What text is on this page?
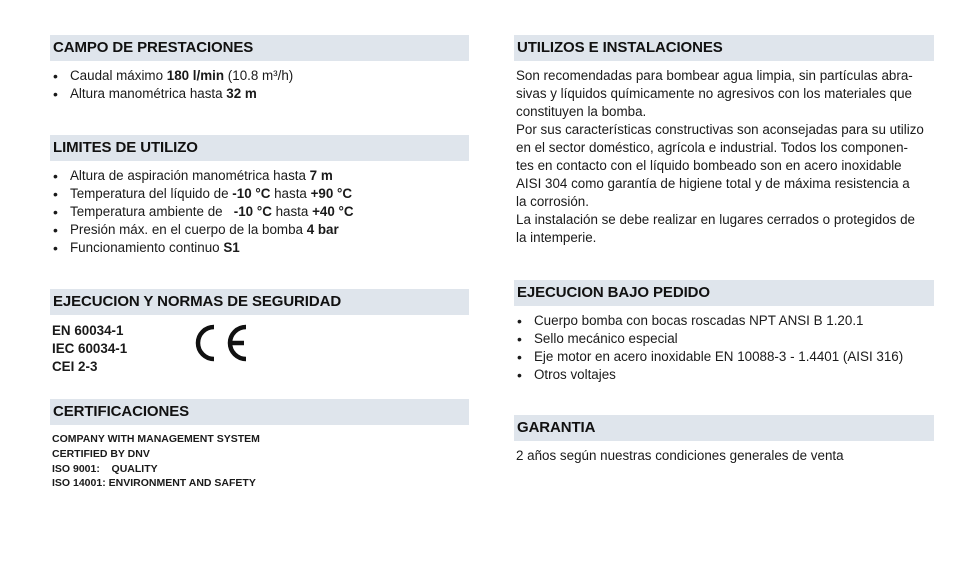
CAMPO DE PRESTACIONES
• Caudal máximo 180 l/min (10.8 m³/h)
• Altura manométrica hasta 32 m
LIMITES DE UTILIZO
• Altura de aspiración manométrica hasta 7 m
• Temperatura del líquido de -10 °C hasta +90 °C
• Temperatura ambiente de   -10 °C hasta +40 °C
• Presión máx. en el cuerpo de la bomba 4 bar
• Funcionamiento continuo S1
EJECUCION Y NORMAS DE SEGURIDAD
EN 60034-1
IEC 60034-1
CEI 2-3
CERTIFICACIONES
COMPANY WITH MANAGEMENT SYSTEM
CERTIFIED BY DNV
ISO 9001:    QUALITY
ISO 14001: ENVIRONMENT AND SAFETY
UTILIZOS E INSTALACIONES

Son recomendadas para bombear agua limpia, sin partículas abra-

sivas y líquidos químicamente no agresivos con los materiales que

constituyen la bomba.

Por sus características constructivas son aconsejadas para su utilizo

en el sector doméstico, agrícola e industrial. Todos los componen-

tes en contacto con el líquido bombeado son en acero inoxidable

AISI 304 como garantía de higiene total y de máxima resistencia a

la corrosión.

La instalación se debe realizar en lugares cerrados o protegidos de

la intemperie.

EJECUCION BAJO PEDIDO
• Cuerpo bomba con bocas roscadas NPT ANSI B 1.20.1
• Sello mecánico especial
• Eje motor en acero inoxidable EN 10088-3 - 1.4401 (AISI 316)
• Otros voltajes
GARANTIA
2 años según nuestras condiciones generales de venta
